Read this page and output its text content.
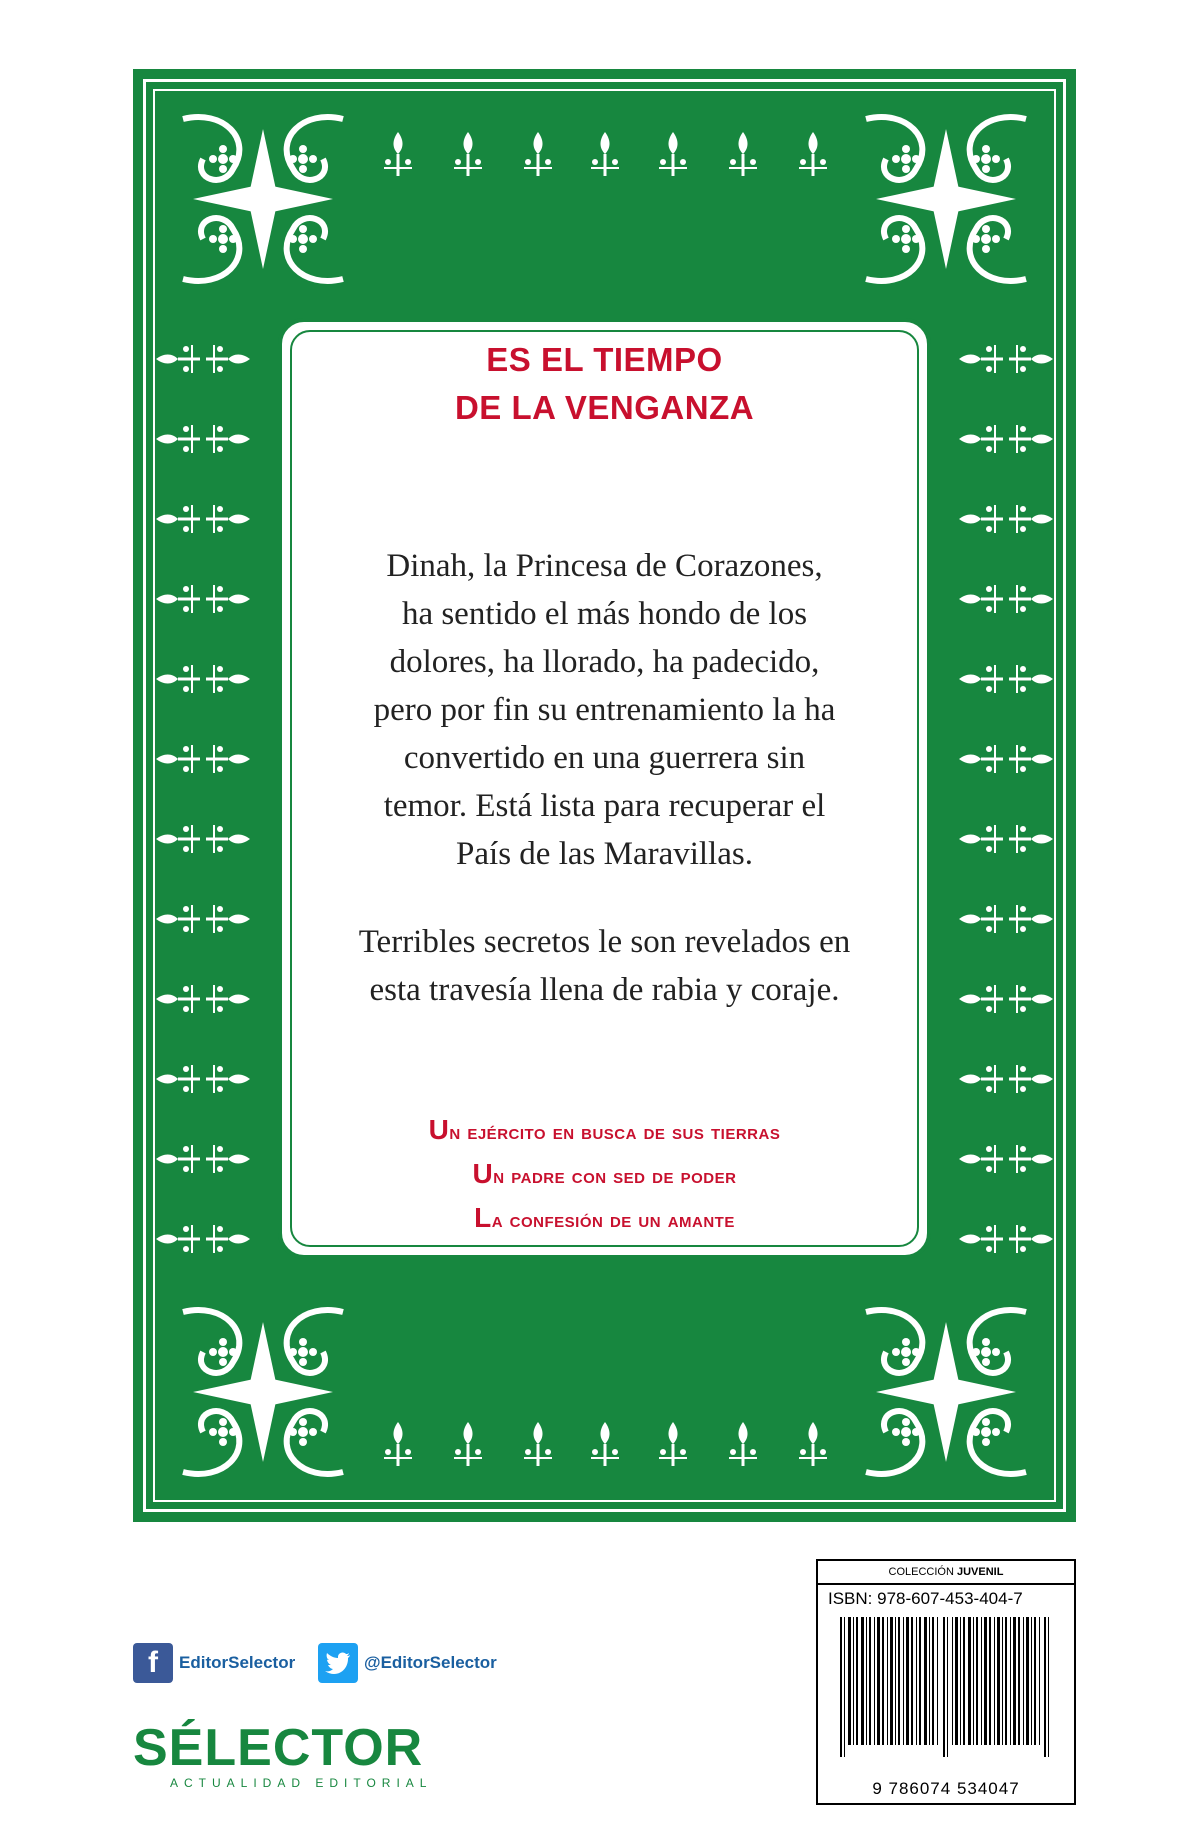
ES EL TIEMPO
DE LA VENGANZA
Dinah, la Princesa de Corazones,
ha sentido el más hondo de los
dolores, ha llorado, ha padecido,
pero por fin su entrenamiento la ha
convertido en una guerrera sin
temor. Está lista para recuperar el
País de las Maravillas.
Terribles secretos le son revelados en
esta travesía llena de rabia y coraje.
Un ejército en busca de sus tierras
Un padre con sed de poder
La confesión de un amante
f	EditorSelector	@EditorSelector
SÉLECTOR
ACTUALIDAD EDITORIAL
COLECCIÓN JUVENIL
ISBN: 978-607-453-404-7
9 786074 534047
